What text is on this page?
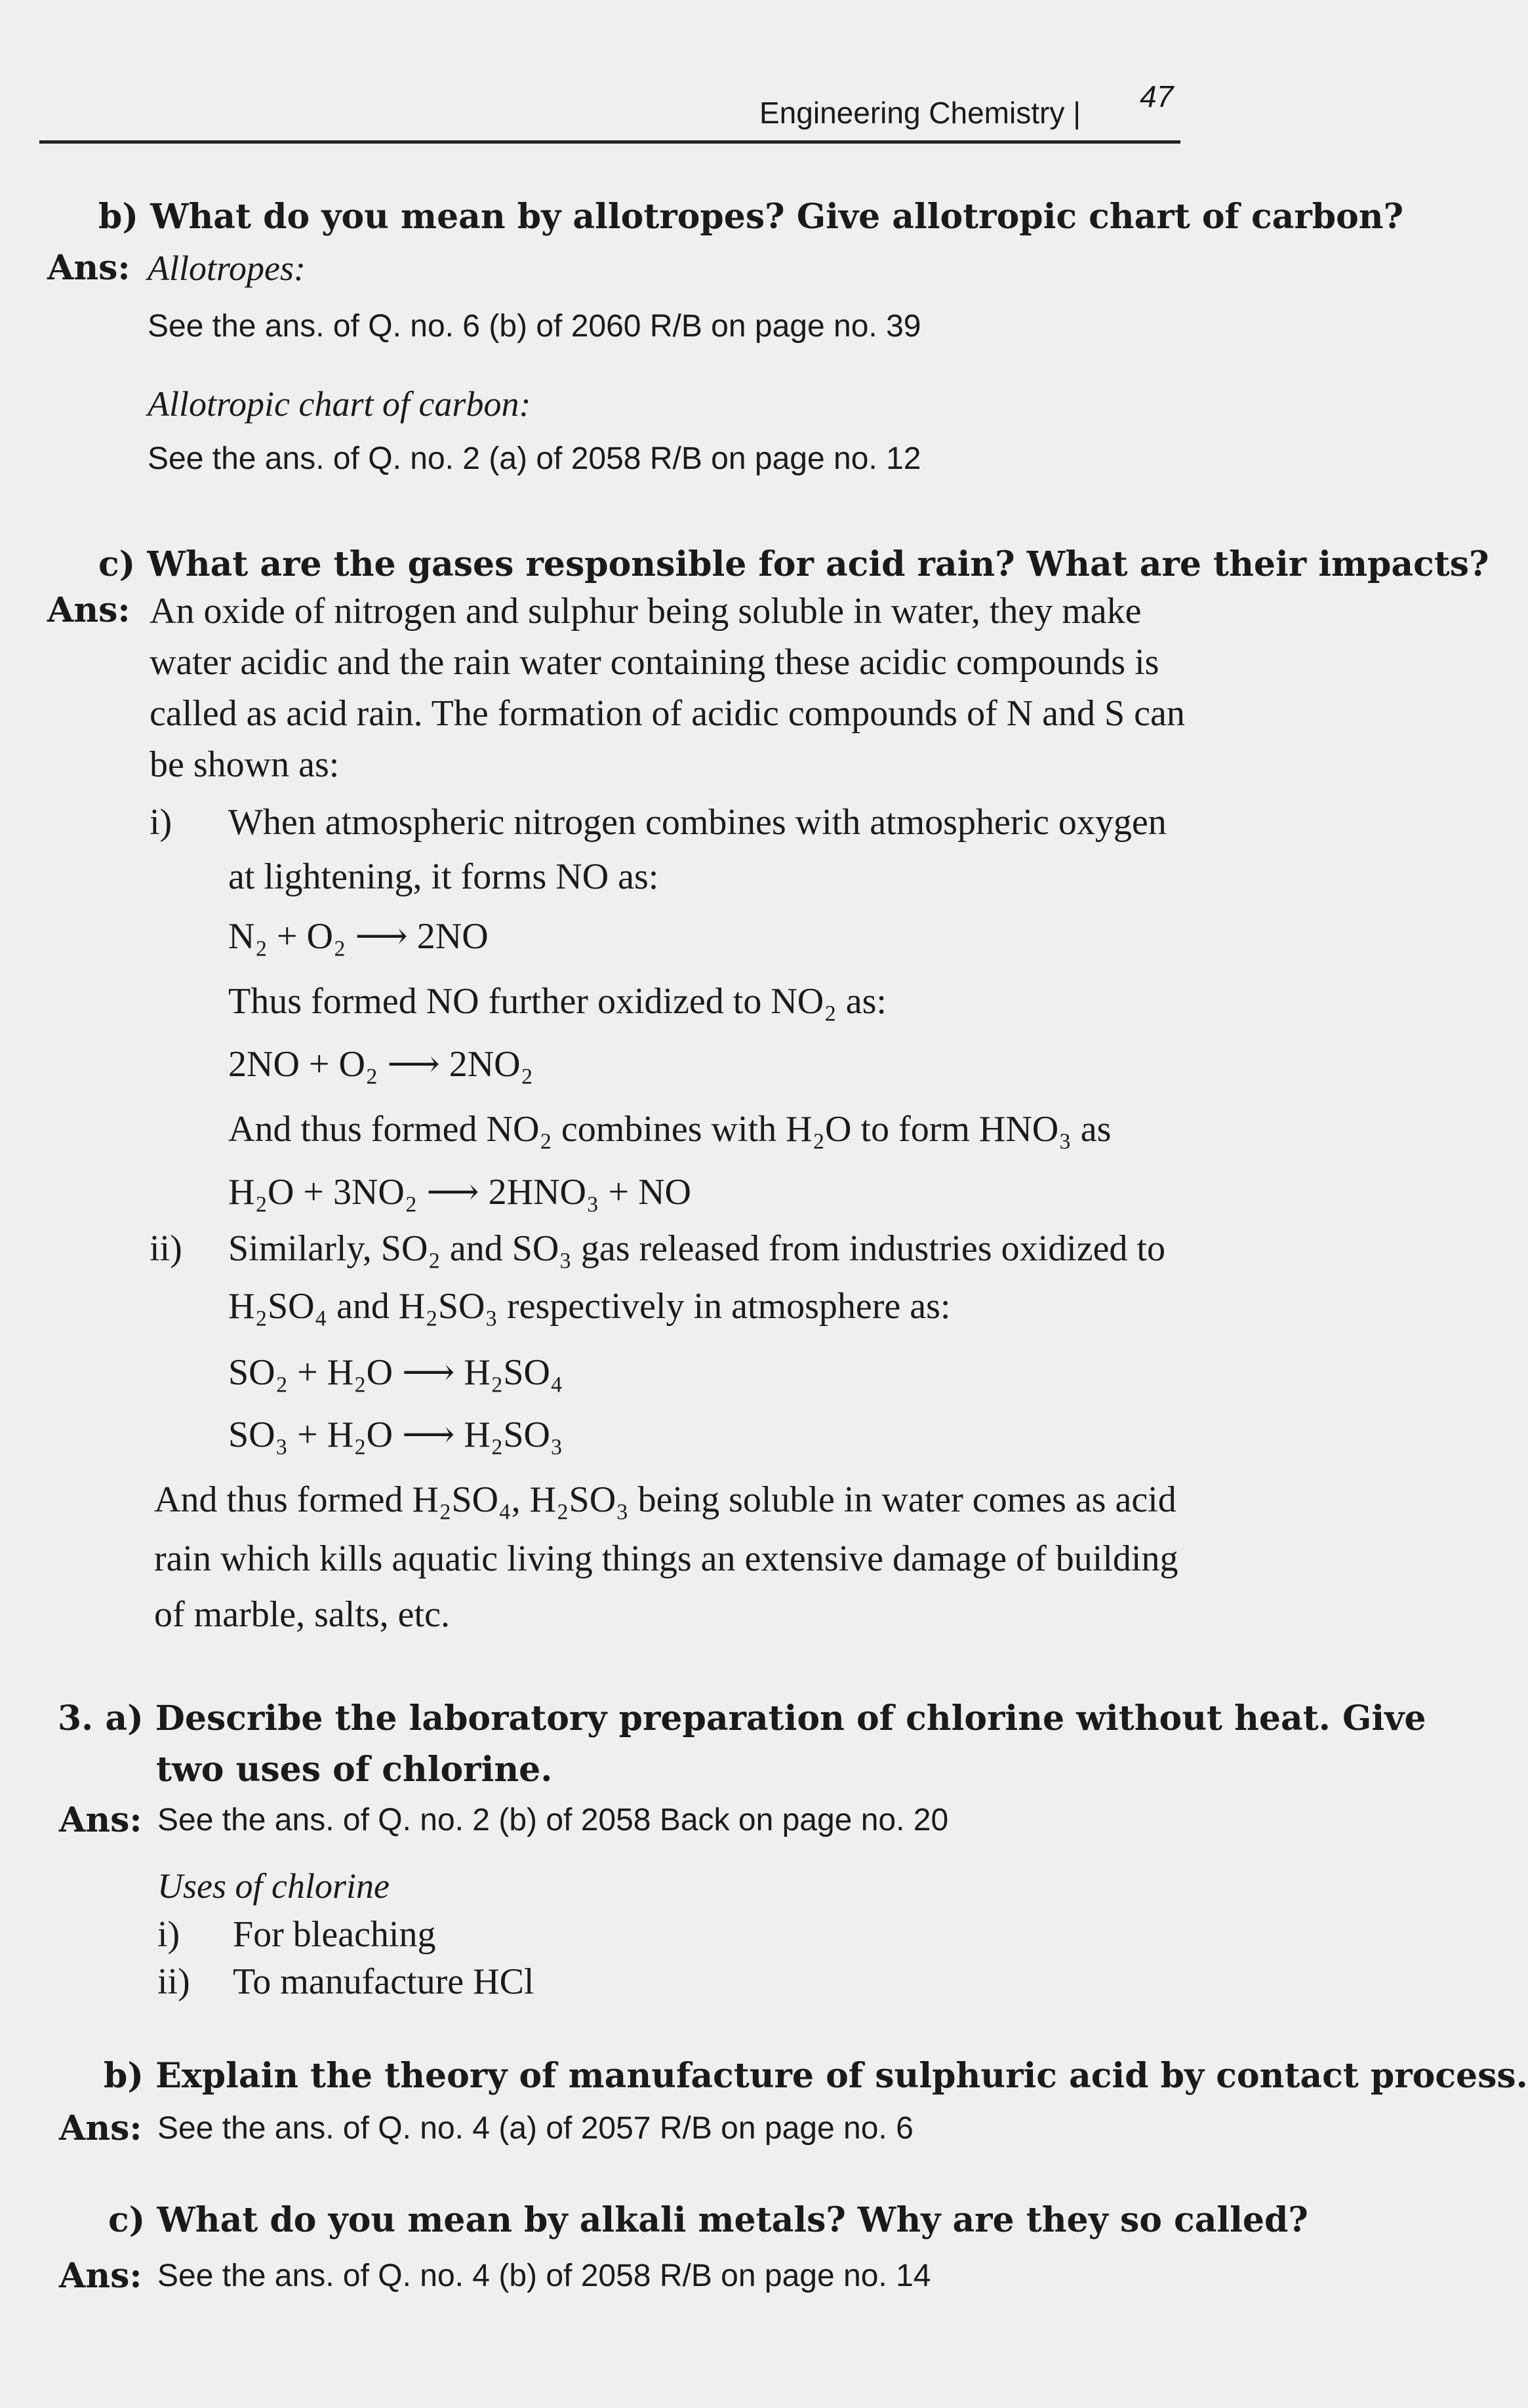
Engineering Chemistry | 47
b) What do you mean by allotropes? Give allotropic chart of carbon?
Ans: Allotropes:
See the ans. of Q. no. 6 (b) of 2060 R/B on page no. 39
Allotropic chart of carbon:
See the ans. of Q. no. 2 (a) of 2058 R/B on page no. 12
c) What are the gases responsible for acid rain? What are their impacts?
Ans: An oxide of nitrogen and sulphur being soluble in water, they make
water acidic and the rain water containing these acidic compounds is
called as acid rain. The formation of acidic compounds of N and S can
be shown as:
i) When atmospheric nitrogen combines with atmospheric oxygen
at lightening, it forms NO as:
N₂ + O₂ ⟶ 2NO
Thus formed NO further oxidized to NO₂ as:
2NO + O₂ ⟶ 2NO₂
And thus formed NO₂ combines with H₂O to form HNO₃ as
H₂O + 3NO₂ ⟶ 2HNO₃ + NO
ii) Similarly, SO₂ and SO₃ gas released from industries oxidized to
H₂SO₄ and H₂SO₃ respectively in atmosphere as:
SO₂ + H₂O ⟶ H₂SO₄
SO₃ + H₂O ⟶ H₂SO₃
And thus formed H₂SO₄, H₂SO₃ being soluble in water comes as acid
rain which kills aquatic living things an extensive damage of building
of marble, salts, etc.
3. a) Describe the laboratory preparation of chlorine without heat. Give
two uses of chlorine.
Ans: See the ans. of Q. no. 2 (b) of 2058 Back on page no. 20
Uses of chlorine
i) For bleaching
ii) To manufacture HCl
b) Explain the theory of manufacture of sulphuric acid by contact process.
Ans: See the ans. of Q. no. 4 (a) of 2057 R/B on page no. 6
c) What do you mean by alkali metals? Why are they so called?
Ans: See the ans. of Q. no. 4 (b) of 2058 R/B on page no. 14
